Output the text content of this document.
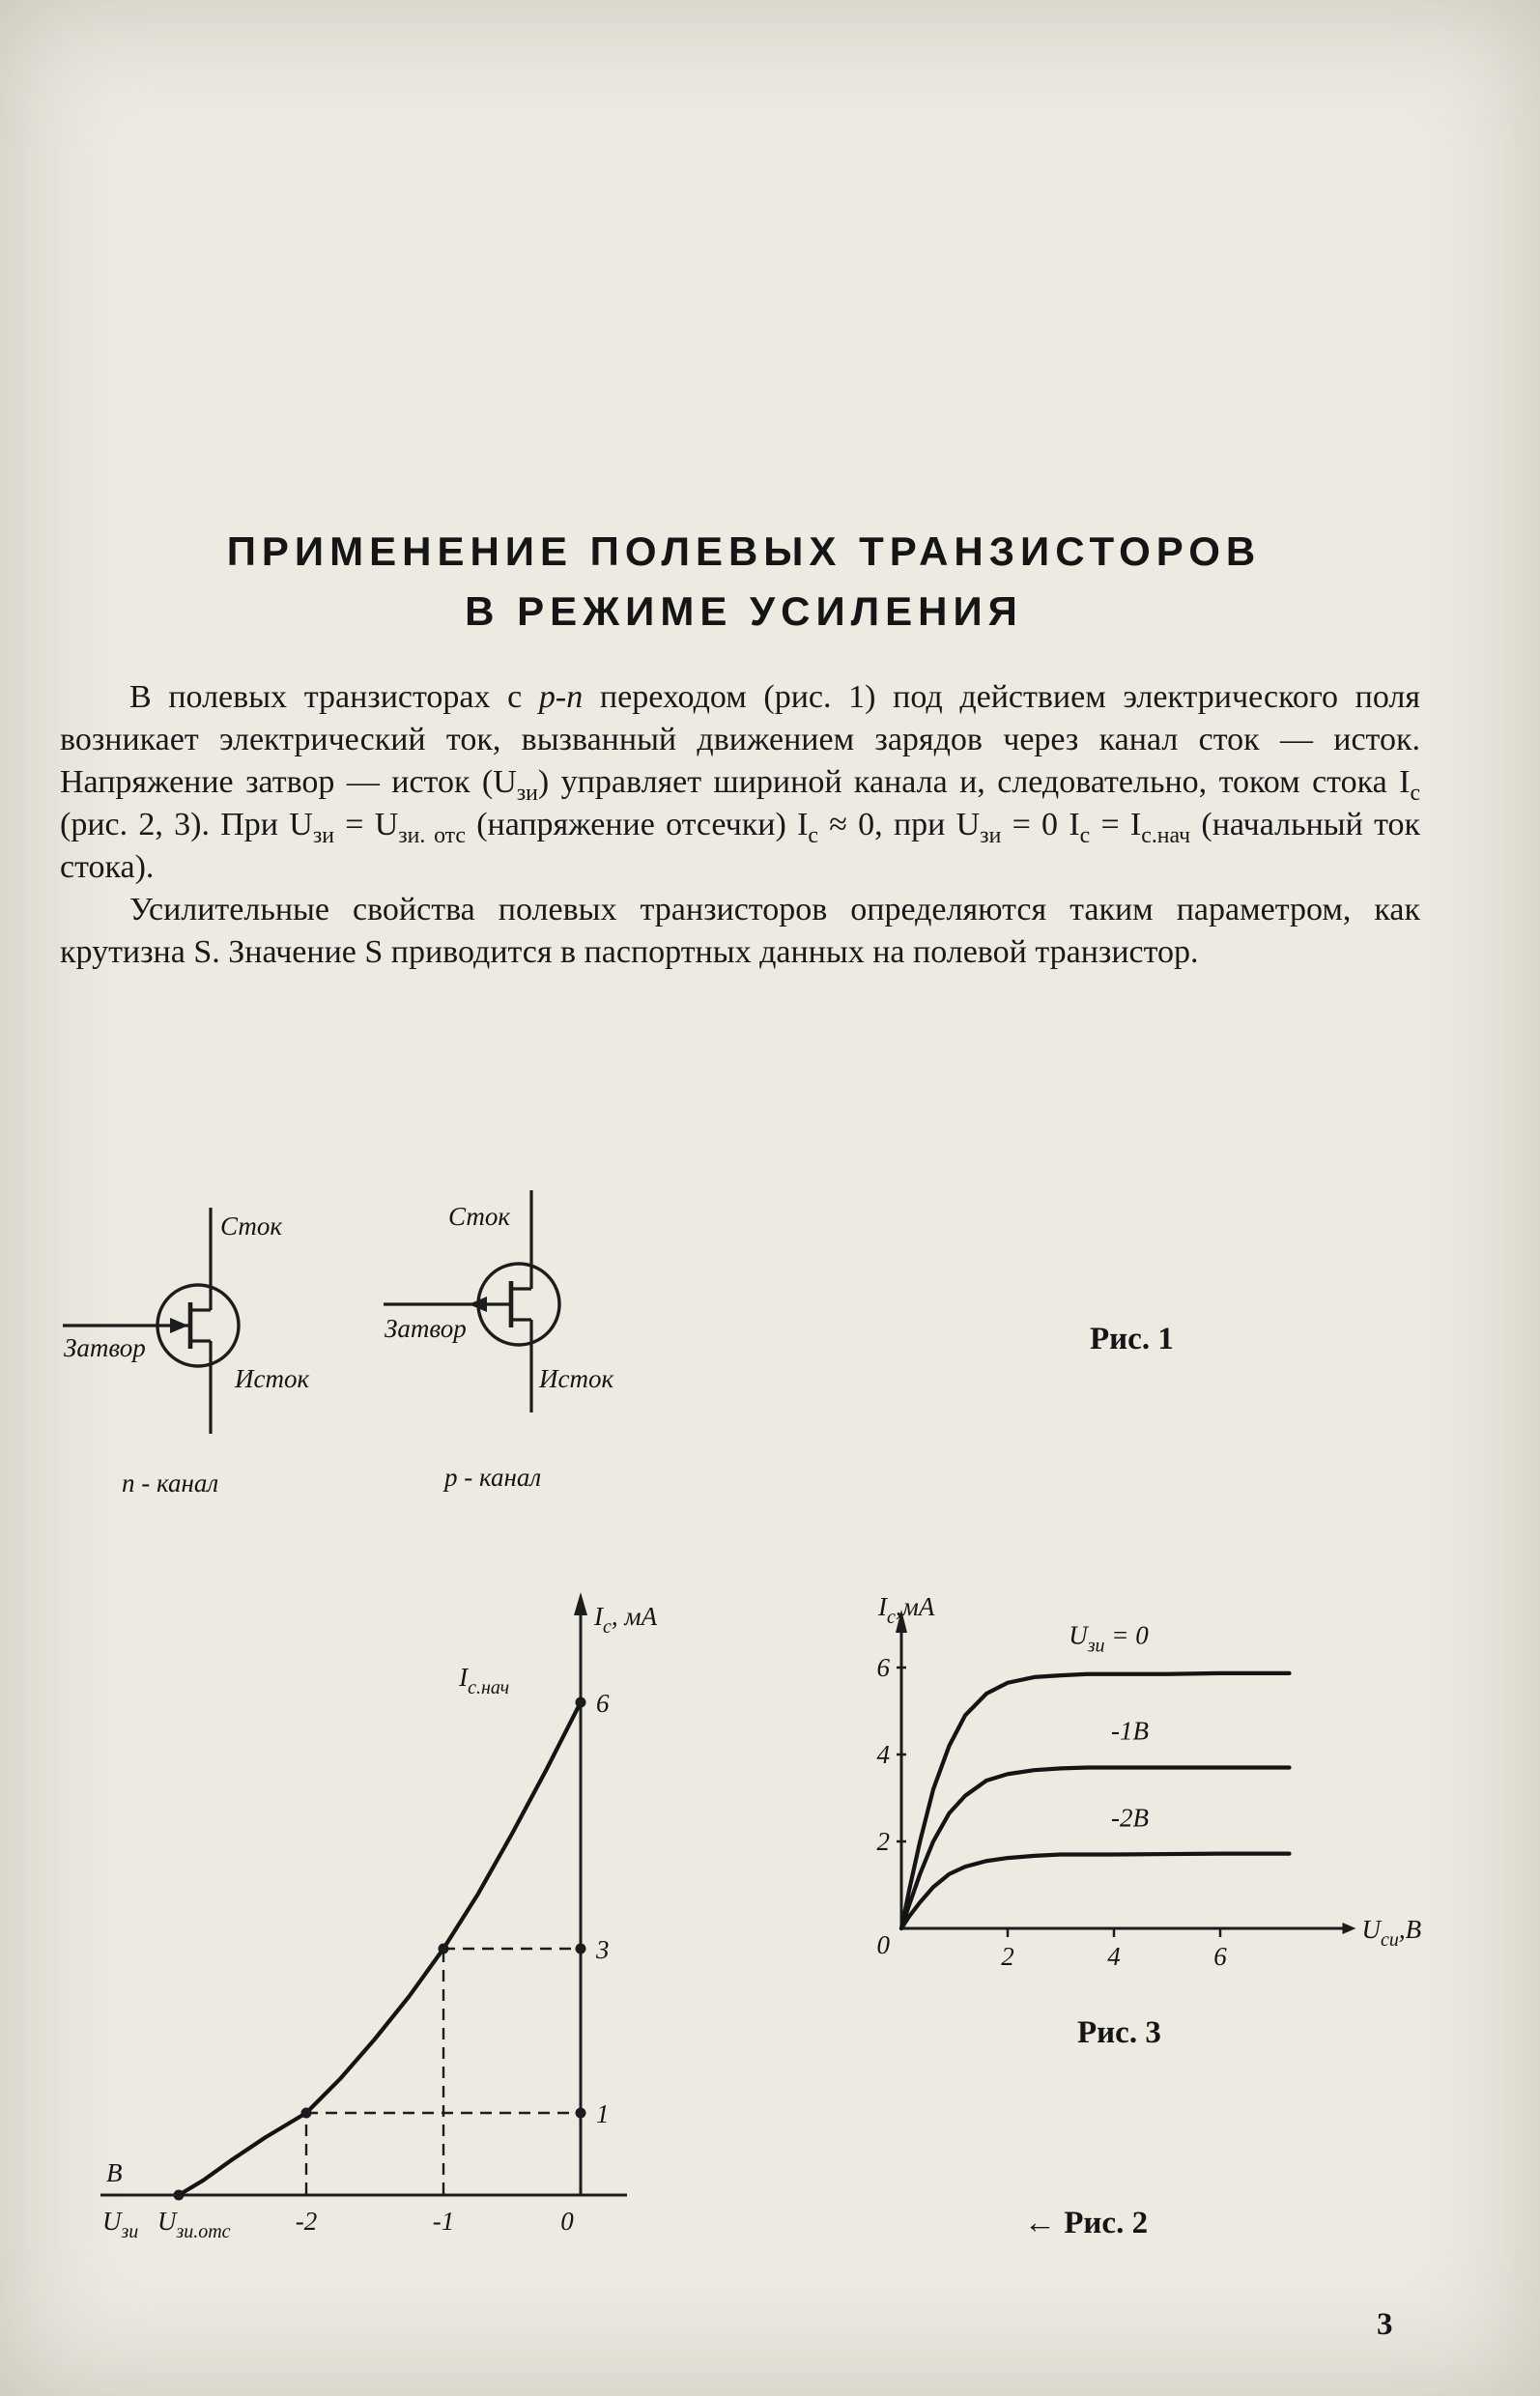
ПРИМЕНЕНИЕ ПОЛЕВЫХ ТРАНЗИСТОРОВ
В РЕЖИМЕ УСИЛЕНИЯ

В полевых транзисторах с p-n переходом (рис. 1) под действием электрического поля возникает электрический ток, вызванный движением зарядов через канал сток — исток. Напряжение затвор — исток $(U_{зи})$ управляет шириной канала и, следовательно, током стока $I_с$ (рис. 2, 3). При $U_{зи} = U_{зи. отс}$ (напряжение отсечки) $I_с \approx 0$, при $U_{зи} = 0$ $I_с = I_{с.нач}$ (начальный ток стока).

Усилительные свойства полевых транзисторов определяются таким параметром, как крутизна S. Значение S приводится в паспортных данных на полевой транзистор.

Сток
Затвор
Исток
n - канал
Сток
Затвор
Исток
p - канал
Рис. 1
-2	-1	0
1
3
6
$I_с$, мА
$I_{с.нач}$
В
$U_{зи}$ $U_{зи.отс}$	← Рис. 2
2	4	6
2
4
6
0
$U_{зи} = 0$
-1В
-2В
$I_с,мА$
$U_{си},В$
Рис. 3
3
